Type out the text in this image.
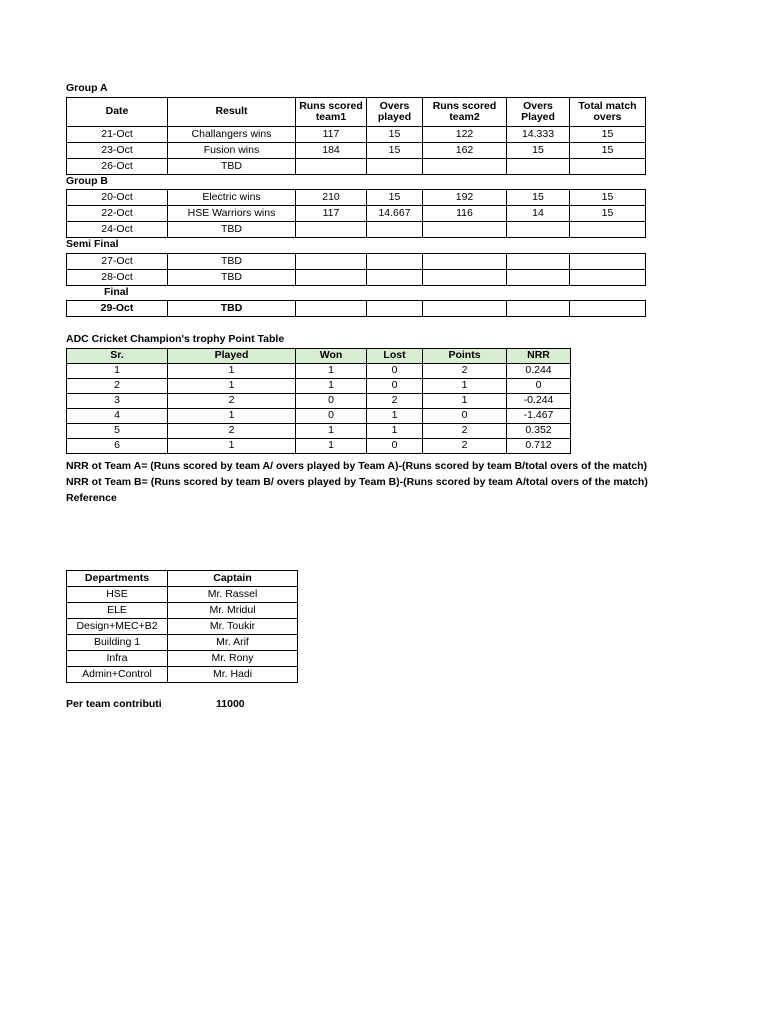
Group A
Date	Result	Runs scored team1	Overs played	Runs scored team2	Overs Played	Total match overs
21-Oct	Challangers wins	117	15	122	14.333	15
23-Oct	Fusion wins	184	15	162	15	15
26-Oct	TBD					
Group B
20-Oct	Electric wins	210	15	192	15	15
22-Oct	HSE Warriors wins	117	14.667	116	14	15
24-Oct	TBD					
Semi Final
27-Oct	TBD					
28-Oct	TBD					
Final
29-Oct	TBD					
ADC Cricket Champion's trophy Point Table
Sr.	Played	Won	Lost	Points	NRR
1	1	1	0	2	0.244
2	1	1	0	1	0
3	2	0	2	1	-0.244
4	1	0	1	0	-1.467
5	2	1	1	2	0.352
6	1	1	0	2	0.712
NRR ot Team A= (Runs scored by team A/ overs played by Team A)-(Runs scored by team B/total overs of the match)
NRR ot Team B= (Runs scored by team B/ overs played by Team B)-(Runs scored by team A/total overs of the match)
Reference
Departments	Captain
HSE	Mr. Rassel
ELE	Mr. Mridul
Design+MEC+B2	Mr. Toukir
Building 1	Mr. Arif
Infra	Mr. Rony
Admin+Control	Mr. Hadi
Per team contributi	11000
